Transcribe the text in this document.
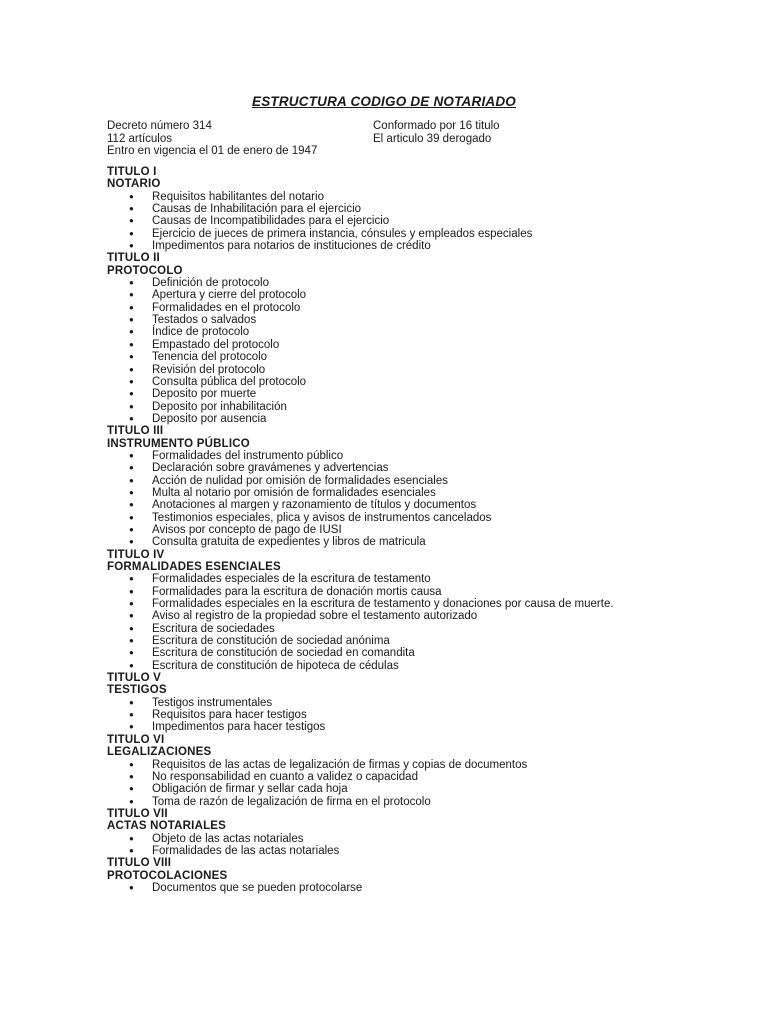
ESTRUCTURA CODIGO DE NOTARIADO
Decreto número 314
112 artículos
Entro en vigencia el 01 de enero de 1947
Conformado por 16 titulo
El articulo 39 derogado
TITULO I
NOTARIO
● Requisitos habilitantes del notario
● Causas de Inhabilitación para el ejercicio
● Causas de Incompatibilidades para el ejercicio
● Ejercicio de jueces de primera instancia, cónsules y empleados especiales
● Impedimentos para notarios de instituciones de crédito
TITULO II
PROTOCOLO
● Definición de protocolo
● Apertura y cierre del protocolo
● Formalidades en el protocolo
● Testados o salvados
● Índice de protocolo
● Empastado del protocolo
● Tenencia del protocolo
● Revisión del protocolo
● Consulta pública del protocolo
● Deposito por muerte
● Deposito por inhabilitación
● Deposito por ausencia
TITULO III
INSTRUMENTO PÚBLICO
● Formalidades del instrumento público
● Declaración sobre gravámenes y advertencias
● Acción de nulidad por omisión de formalidades esenciales
● Multa al notario por omisión de formalidades esenciales
● Anotaciones al margen y razonamiento de títulos y documentos
● Testimonios especiales, plica y avisos de instrumentos cancelados
● Avisos por concepto de pago de IUSI
● Consulta gratuita de expedientes y libros de matricula
TITULO IV
FORMALIDADES ESENCIALES
● Formalidades especiales de la escritura de testamento
● Formalidades para la escritura de donación mortis causa
● Formalidades especiales en la escritura de testamento y donaciones por causa de muerte.
● Aviso al registro de la propiedad sobre el testamento autorizado
● Escritura de sociedades
● Escritura de constitución de sociedad anónima
● Escritura de constitución de sociedad en comandita
● Escritura de constitución de hipoteca de cédulas
TITULO V
TESTIGOS
● Testigos instrumentales
● Requisitos para hacer testigos
● Impedimentos para hacer testigos
TITULO VI
LEGALIZACIONES
● Requisitos de las actas de legalización de firmas y copias de documentos
● No responsabilidad en cuanto a validez o capacidad
● Obligación de firmar y sellar cada hoja
● Toma de razón de legalización de firma en el protocolo
TITULO VII
ACTAS NOTARIALES
● Objeto de las actas notariales
● Formalidades de las actas notariales
TITULO VIII
PROTOCOLACIONES
● Documentos que se pueden protocolarse
